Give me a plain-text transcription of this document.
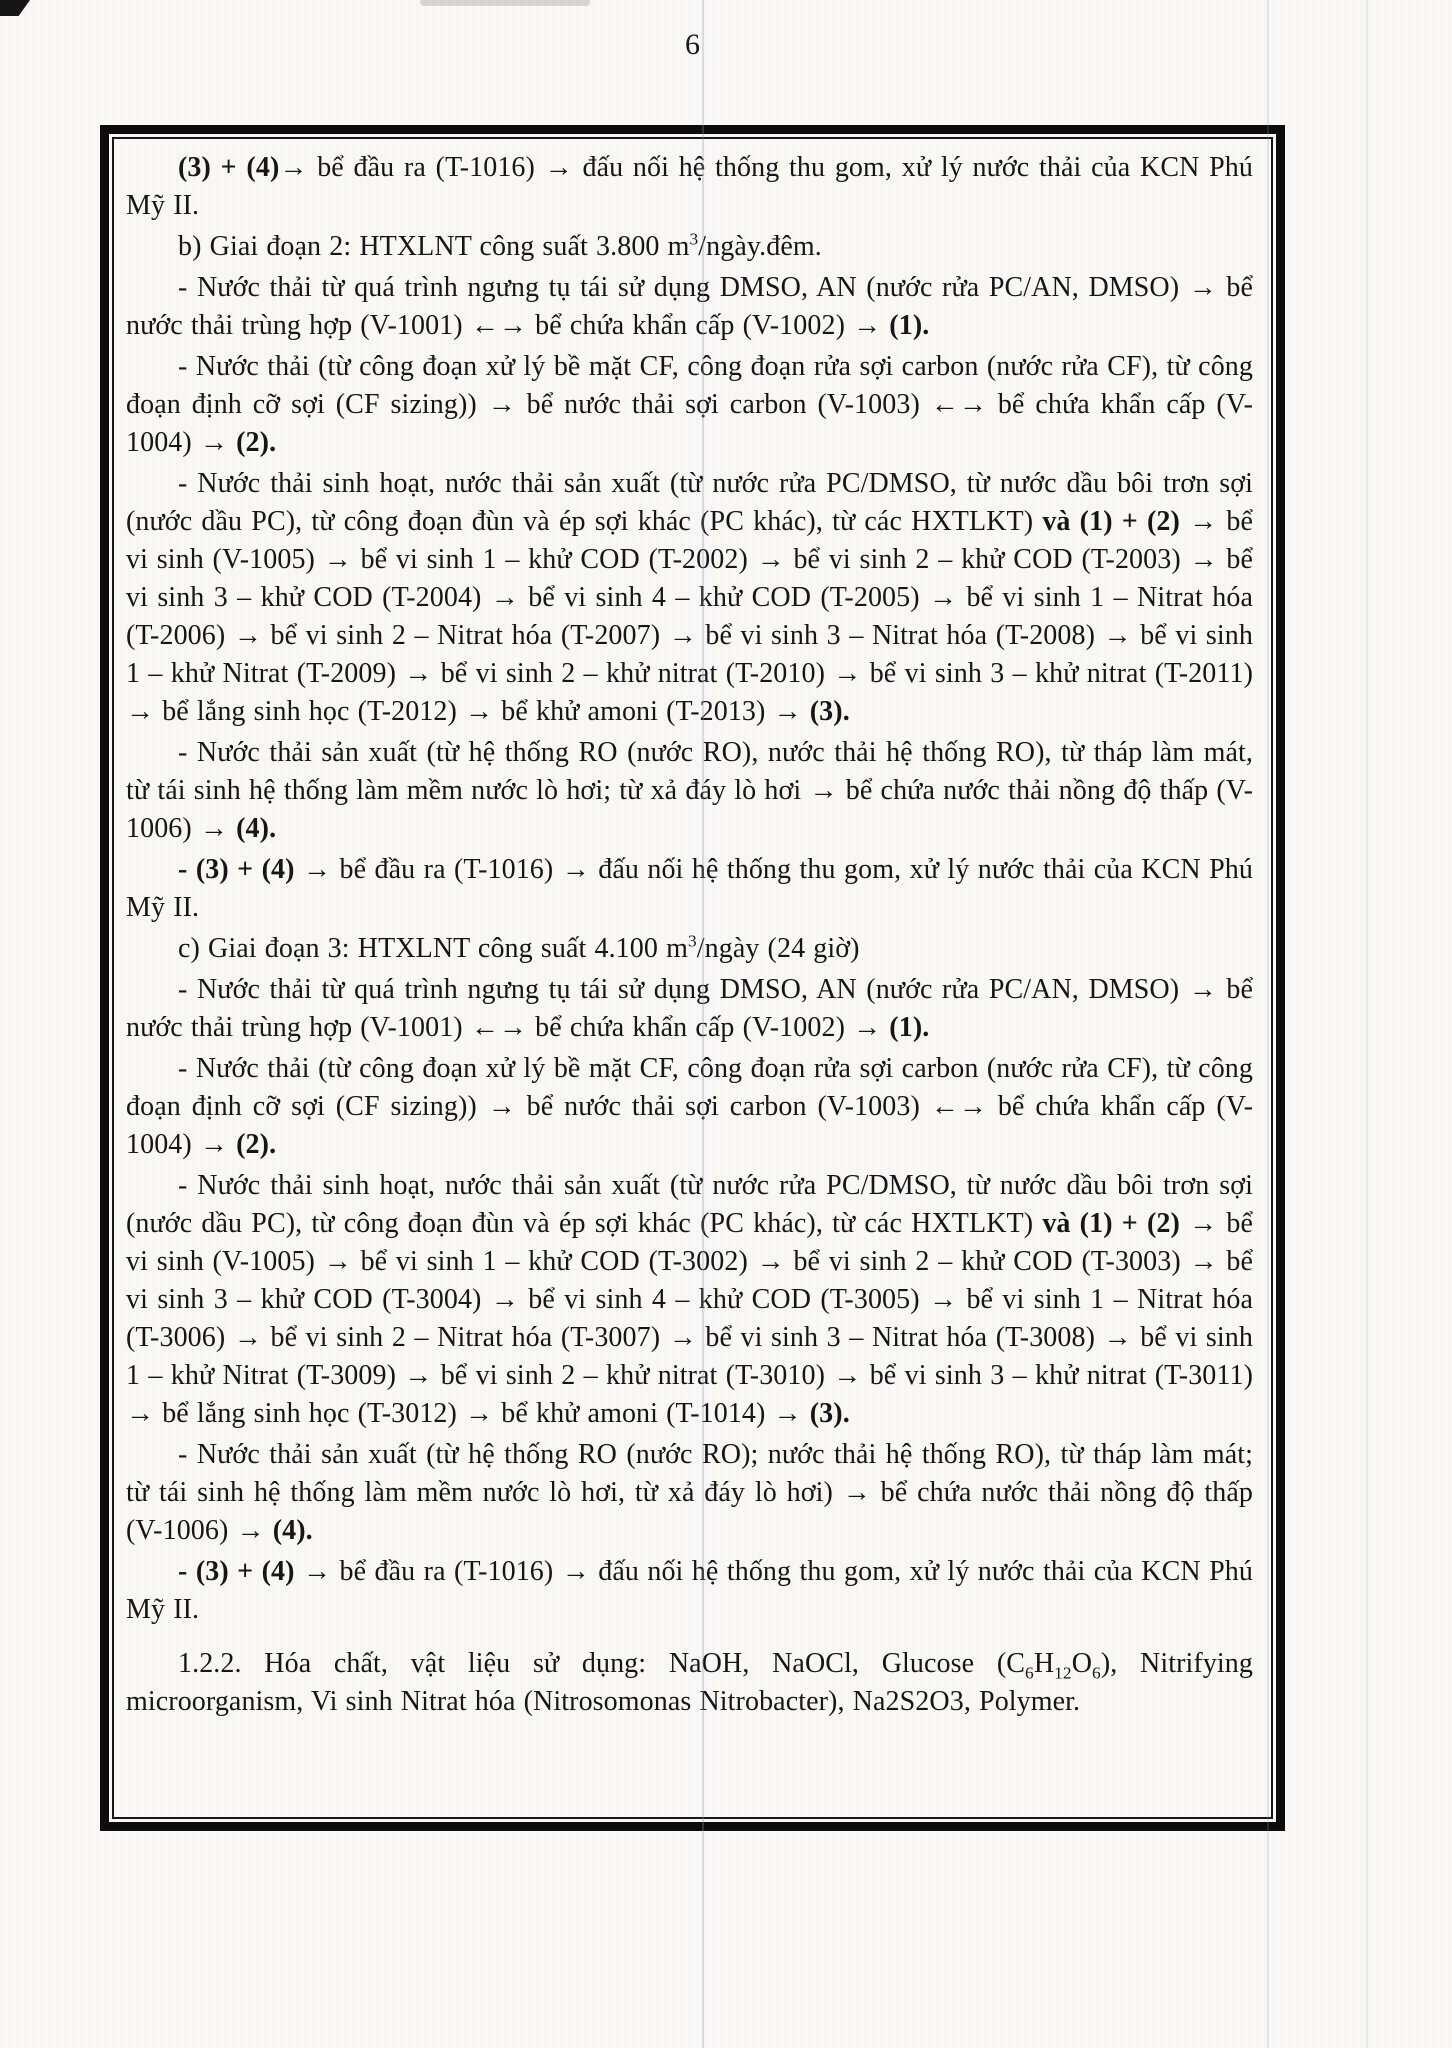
6

(3) + (4)→ bể đầu ra (T-1016) → đấu nối hệ thống thu gom, xử lý nước thải của KCN Phú Mỹ II.

b) Giai đoạn 2: HTXLNT công suất 3.800 $m^3/ngày.đêm$.

- Nước thải từ quá trình ngưng tụ tái sử dụng DMSO, AN (nước rửa PC/AN, DMSO) → bể nước thải trùng hợp (V-1001) ←→ bể chứa khẩn cấp (V-1002) → (1).

- Nước thải (từ công đoạn xử lý bề mặt CF, công đoạn rửa sợi carbon (nước rửa CF), từ công đoạn định cỡ sợi (CF sizing)) → bể nước thải sợi carbon (V-1003) ←→ bể chứa khẩn cấp (V-1004) → (2).

- Nước thải sinh hoạt, nước thải sản xuất (từ nước rửa PC/DMSO, từ nước dầu bôi trơn sợi (nước dầu PC), từ công đoạn đùn và ép sợi khác (PC khác), từ các HXTLKT) và (1) + (2) → bể vi sinh (V-1005) → bể vi sinh 1 – khử COD (T-2002) → bể vi sinh 2 – khử COD (T-2003) → bể vi sinh 3 – khử COD (T-2004) → bể vi sinh 4 – khử COD (T-2005) → bể vi sinh 1 – Nitrat hóa (T-2006) → bể vi sinh 2 – Nitrat hóa (T-2007) → bể vi sinh 3 – Nitrat hóa (T-2008) → bể vi sinh 1 – khử Nitrat (T-2009) → bể vi sinh 2 – khử nitrat (T-2010) → bể vi sinh 3 – khử nitrat (T-2011) → bể lắng sinh học (T-2012) → bể khử amoni (T-2013) → (3).

- Nước thải sản xuất (từ hệ thống RO (nước RO), nước thải hệ thống RO), từ tháp làm mát, từ tái sinh hệ thống làm mềm nước lò hơi; từ xả đáy lò hơi → bể chứa nước thải nồng độ thấp (V-1006) → (4).

- (3) + (4) → bể đầu ra (T-1016) → đấu nối hệ thống thu gom, xử lý nước thải của KCN Phú Mỹ II.

c) Giai đoạn 3: HTXLNT công suất 4.100 $m^3$/ngày (24 giờ)

- Nước thải từ quá trình ngưng tụ tái sử dụng DMSO, AN (nước rửa PC/AN, DMSO) → bể nước thải trùng hợp (V-1001) ←→ bể chứa khẩn cấp (V-1002) → (1).

- Nước thải (từ công đoạn xử lý bề mặt CF, công đoạn rửa sợi carbon (nước rửa CF), từ công đoạn định cỡ sợi (CF sizing)) → bể nước thải sợi carbon (V-1003) ←→ bể chứa khẩn cấp (V-1004) → (2).

- Nước thải sinh hoạt, nước thải sản xuất (từ nước rửa PC/DMSO, từ nước dầu bôi trơn sợi (nước dầu PC), từ công đoạn đùn và ép sợi khác (PC khác), từ các HXTLKT) và (1) + (2) → bể vi sinh (V-1005) → bể vi sinh 1 – khử COD (T-3002) → bể vi sinh 2 – khử COD (T-3003) → bể vi sinh 3 – khử COD (T-3004) → bể vi sinh 4 – khử COD (T-3005) → bể vi sinh 1 – Nitrat hóa (T-3006) → bể vi sinh 2 – Nitrat hóa (T-3007) → bể vi sinh 3 – Nitrat hóa (T-3008) → bể vi sinh 1 – khử Nitrat (T-3009) → bể vi sinh 2 – khử nitrat (T-3010) → bể vi sinh 3 – khử nitrat (T-3011) → bể lắng sinh học (T-3012) → bể khử amoni (T-1014) → (3).

- Nước thải sản xuất (từ hệ thống RO (nước RO); nước thải hệ thống RO), từ tháp làm mát; từ tái sinh hệ thống làm mềm nước lò hơi, từ xả đáy lò hơi) → bể chứa nước thải nồng độ thấp (V-1006) → (4).

- (3) + (4) → bể đầu ra (T-1016) → đấu nối hệ thống thu gom, xử lý nước thải của KCN Phú Mỹ II.

1.2.2. Hóa chất, vật liệu sử dụng: NaOH, NaOCl, Glucose $(C_6H_{12}O_6)$, Nitrifying microorganism, Vi sinh Nitrat hóa (Nitrosomonas Nitrobacter), Na2S2O3, Polymer.
